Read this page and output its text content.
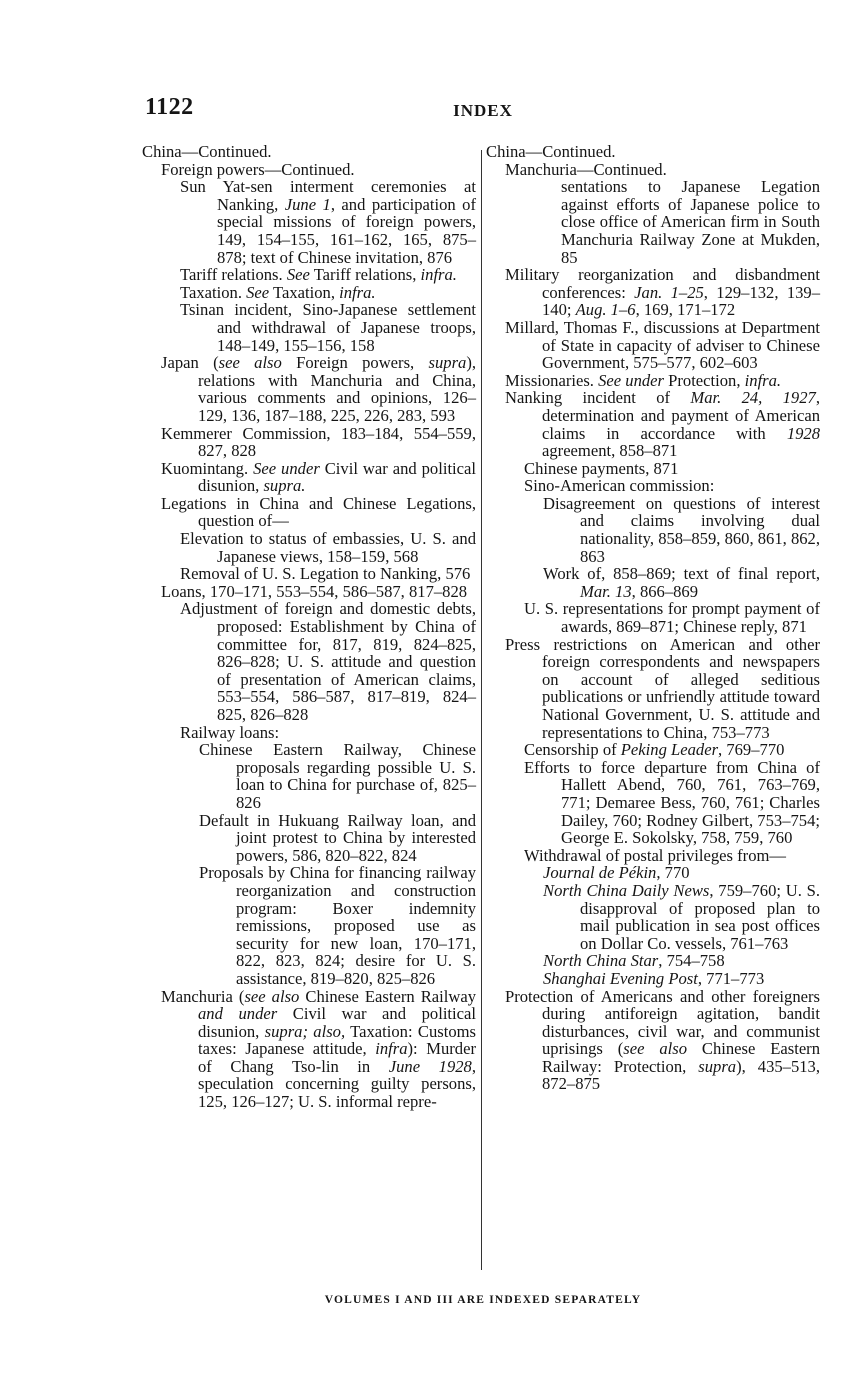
1122	INDEX
China—Continued.
Foreign powers—Continued.
Sun Yat-sen interment ceremonies at Nanking, June 1, and participation of special missions of foreign powers, 149, 154–155, 161–162, 165, 875–878; text of Chinese invitation, 876
Tariff relations. See Tariff relations, infra.
Taxation. See Taxation, infra.
Tsinan incident, Sino-Japanese settlement and withdrawal of Japanese troops, 148–149, 155–156, 158
Japan (see also Foreign powers, supra), relations with Manchuria and China, various comments and opinions, 126–129, 136, 187–188, 225, 226, 283, 593
Kemmerer Commission, 183–184, 554–559, 827, 828
Kuomintang. See under Civil war and political disunion, supra.
Legations in China and Chinese Legations, question of—
Elevation to status of embassies, U. S. and Japanese views, 158–159, 568
Removal of U. S. Legation to Nanking, 576
Loans, 170–171, 553–554, 586–587, 817–828
Adjustment of foreign and domestic debts, proposed: Establishment by China of committee for, 817, 819, 824–825, 826–828; U. S. attitude and question of presentation of American claims, 553–554, 586–587, 817–819, 824–825, 826–828
Railway loans:
Chinese Eastern Railway, Chinese proposals regarding possible U. S. loan to China for purchase of, 825–826
Default in Hukuang Railway loan, and joint protest to China by interested powers, 586, 820–822, 824
Proposals by China for financing railway reorganization and construction program: Boxer indemnity remissions, proposed use as security for new loan, 170–171, 822, 823, 824; desire for U. S. assistance, 819–820, 825–826
Manchuria (see also Chinese Eastern Railway and under Civil war and political disunion, supra; also, Taxation: Customs taxes: Japanese attitude, infra): Murder of Chang Tso-lin in June 1928, speculation concerning guilty persons, 125, 126–127; U. S. informal repre-
China—Continued.
Manchuria—Continued.
sentations to Japanese Legation against efforts of Japanese police to close office of American firm in South Manchuria Railway Zone at Mukden, 85
Military reorganization and disbandment conferences: Jan. 1–25, 129–132, 139–140; Aug. 1–6, 169, 171–172
Millard, Thomas F., discussions at Department of State in capacity of adviser to Chinese Government, 575–577, 602–603
Missionaries. See under Protection, infra.
Nanking incident of Mar. 24, 1927, determination and payment of American claims in accordance with 1928 agreement, 858–871
Chinese payments, 871
Sino-American commission:
Disagreement on questions of interest and claims involving dual nationality, 858–859, 860, 861, 862, 863
Work of, 858–869; text of final report, Mar. 13, 866–869
U. S. representations for prompt payment of awards, 869–871; Chinese reply, 871
Press restrictions on American and other foreign correspondents and newspapers on account of alleged seditious publications or unfriendly attitude toward National Government, U. S. attitude and representations to China, 753–773
Censorship of Peking Leader, 769–770
Efforts to force departure from China of Hallett Abend, 760, 761, 763–769, 771; Demaree Bess, 760, 761; Charles Dailey, 760; Rodney Gilbert, 753–754; George E. Sokolsky, 758, 759, 760
Withdrawal of postal privileges from—
Journal de Pékin, 770
North China Daily News, 759–760; U. S. disapproval of proposed plan to mail publication in sea post offices on Dollar Co. vessels, 761–763
North China Star, 754–758
Shanghai Evening Post, 771–773
Protection of Americans and other foreigners during antiforeign agitation, bandit disturbances, civil war, and communist uprisings (see also Chinese Eastern Railway: Protection, supra), 435–513, 872–875
VOLUMES I AND III ARE INDEXED SEPARATELY
